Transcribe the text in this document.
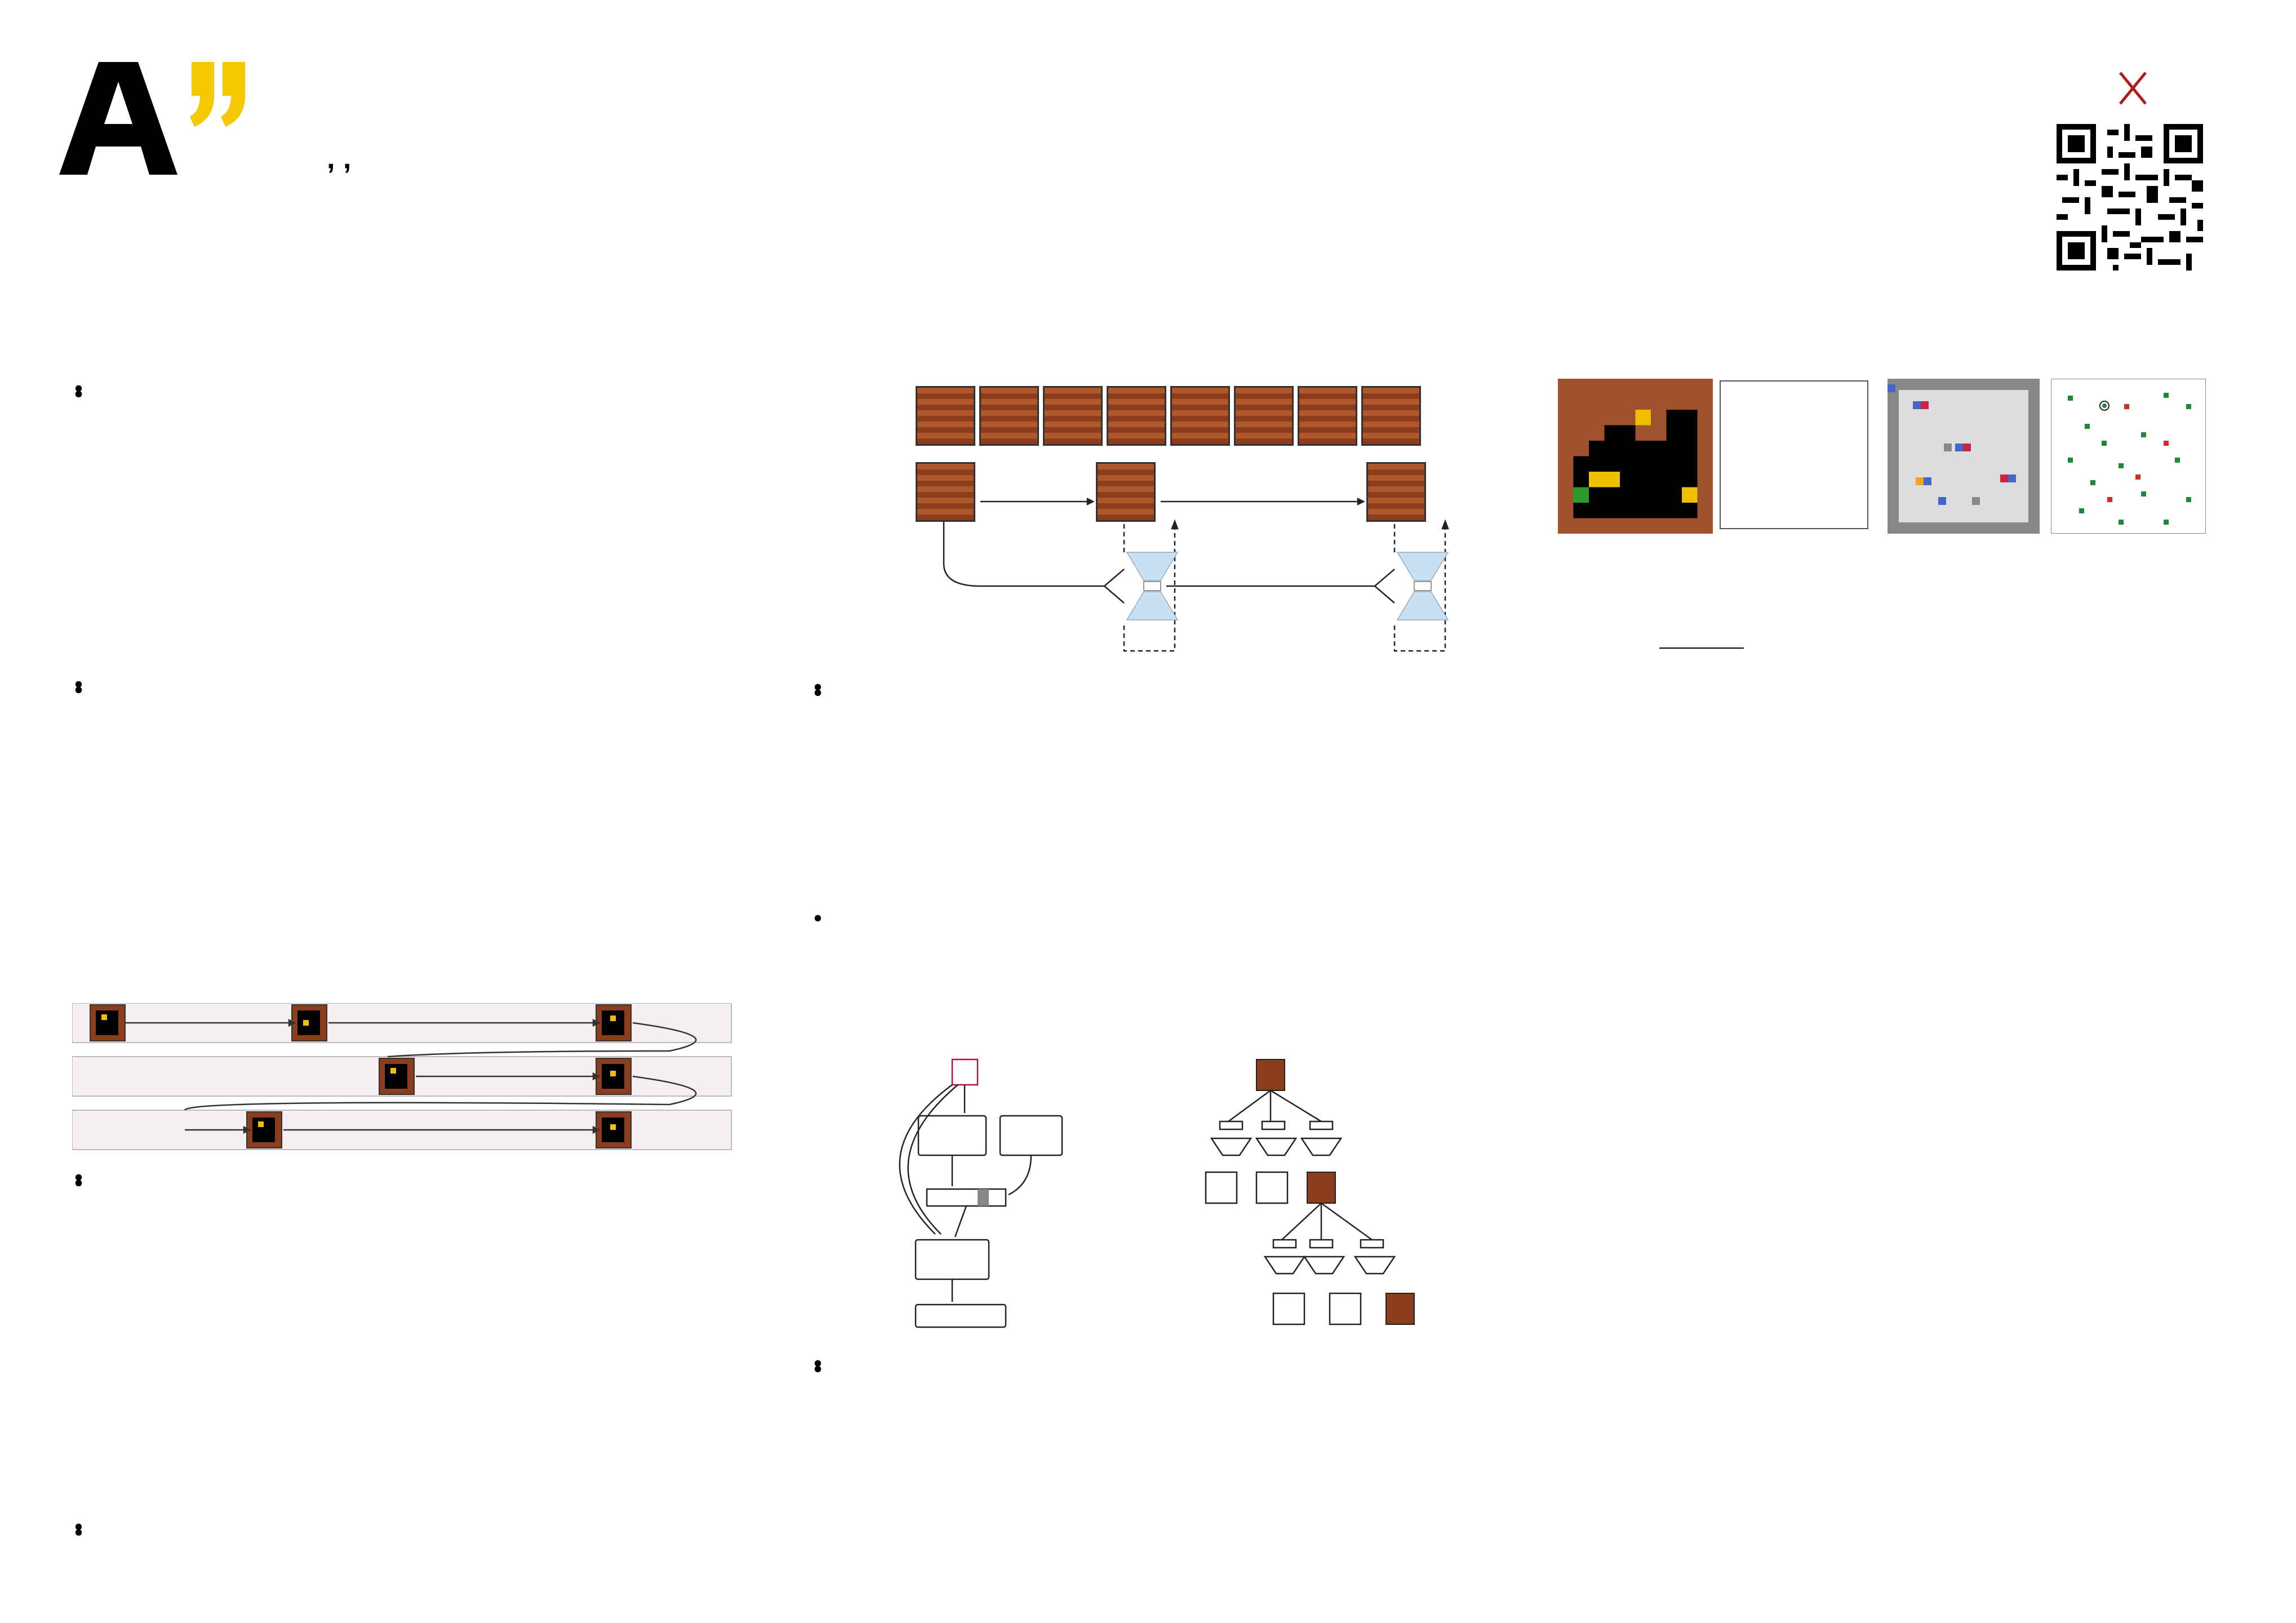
, ,
